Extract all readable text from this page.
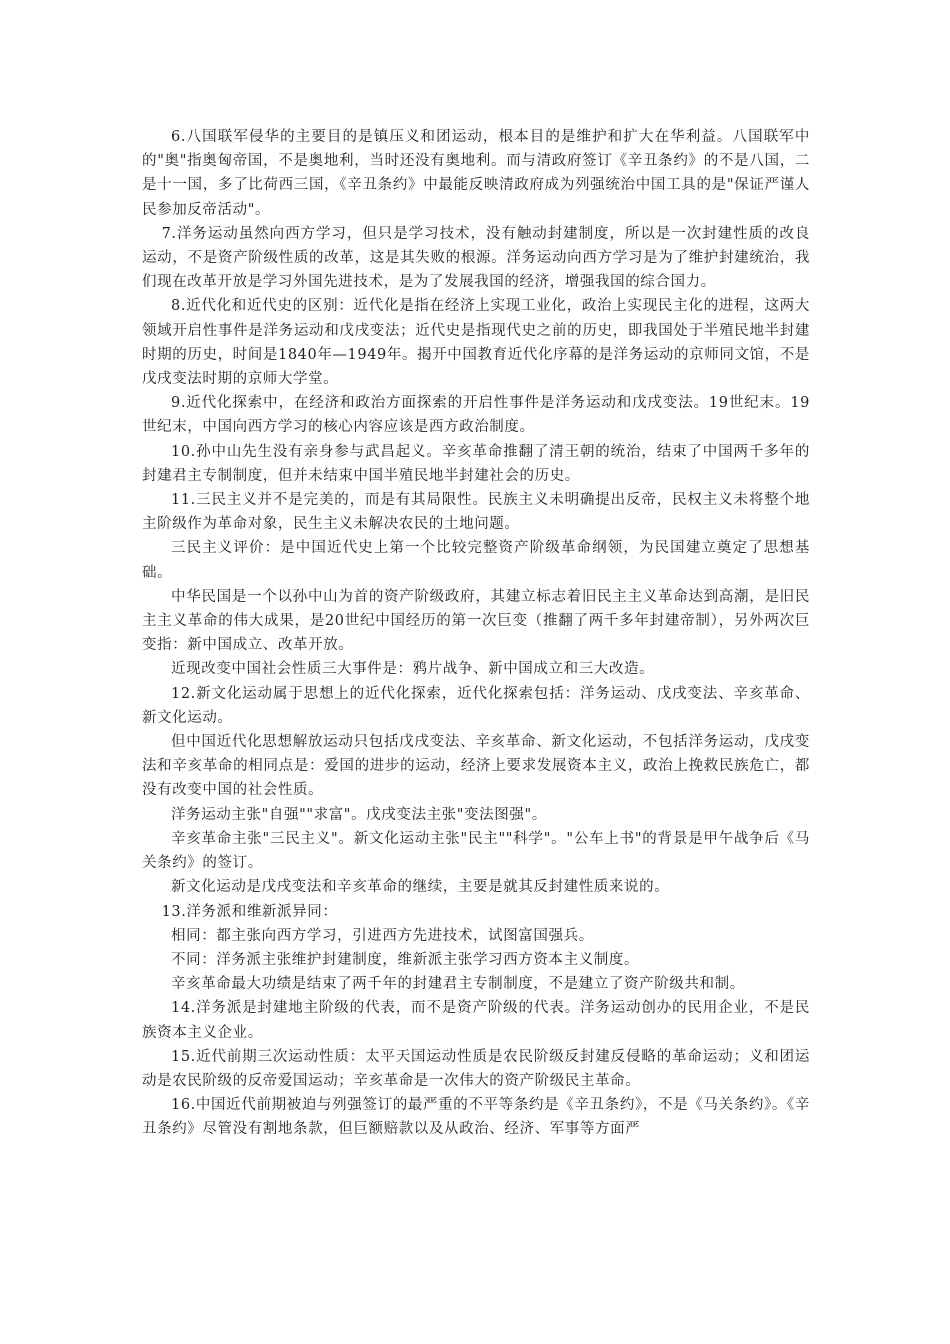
6.八国联军侵华的主要目的是镇压义和团运动，根本目的是维护和扩大在华利益。八国联军中的"奥"指奥匈帝国，不是奥地利，当时还没有奥地利。而与清政府签订《辛丑条约》的不是八国，二是十一国，多了比荷西三国，《辛丑条约》中最能反映清政府成为列强统治中国工具的是"保证严谨人民参加反帝活动"。

7.洋务运动虽然向西方学习，但只是学习技术，没有触动封建制度，所以是一次封建性质的改良运动，不是资产阶级性质的改革，这是其失败的根源。洋务运动向西方学习是为了维护封建统治，我们现在改革开放是学习外国先进技术，是为了发展我国的经济，增强我国的综合国力。

8.近代化和近代史的区别：近代化是指在经济上实现工业化，政治上实现民主化的进程，这两大领域开启性事件是洋务运动和戊戌变法；近代史是指现代史之前的历史，即我国处于半殖民地半封建时期的历史，时间是1840年—1949年。揭开中国教育近代化序幕的是洋务运动的京师同文馆，不是戊戌变法时期的京师大学堂。

9.近代化探索中，在经济和政治方面探索的开启性事件是洋务运动和戊戌变法。19世纪末。19世纪末，中国向西方学习的核心内容应该是西方政治制度。

10.孙中山先生没有亲身参与武昌起义。辛亥革命推翻了清王朝的统治，结束了中国两千多年的封建君主专制制度，但并未结束中国半殖民地半封建社会的历史。

11.三民主义并不是完美的，而是有其局限性。民族主义未明确提出反帝，民权主义未将整个地主阶级作为革命对象，民生主义未解决农民的土地问题。

三民主义评价：是中国近代史上第一个比较完整资产阶级革命纲领，为民国建立奠定了思想基础。

中华民国是一个以孙中山为首的资产阶级政府，其建立标志着旧民主主义革命达到高潮，是旧民主主义革命的伟大成果，是20世纪中国经历的第一次巨变（推翻了两千多年封建帝制），另外两次巨变指：新中国成立、改革开放。

近现改变中国社会性质三大事件是：鸦片战争、新中国成立和三大改造。

12.新文化运动属于思想上的近代化探索，近代化探索包括：洋务运动、戊戌变法、辛亥革命、新文化运动。

但中国近代化思想解放运动只包括戊戌变法、辛亥革命、新文化运动，不包括洋务运动，戊戌变法和辛亥革命的相同点是：爱国的进步的运动，经济上要求发展资本主义，政治上挽救民族危亡，都没有改变中国的社会性质。

洋务运动主张"自强""求富"。戊戌变法主张"变法图强"。

辛亥革命主张"三民主义"。新文化运动主张"民主""科学"。"公车上书"的背景是甲午战争后《马关条约》的签订。

新文化运动是戊戌变法和辛亥革命的继续，主要是就其反封建性质来说的。

13.洋务派和维新派异同：

相同：都主张向西方学习，引进西方先进技术，试图富国强兵。

不同：洋务派主张维护封建制度，维新派主张学习西方资本主义制度。

辛亥革命最大功绩是结束了两千年的封建君主专制制度，不是建立了资产阶级共和制。

14.洋务派是封建地主阶级的代表，而不是资产阶级的代表。洋务运动创办的民用企业，不是民族资本主义企业。

15.近代前期三次运动性质：太平天国运动性质是农民阶级反封建反侵略的革命运动；义和团运动是农民阶级的反帝爱国运动；辛亥革命是一次伟大的资产阶级民主革命。

16.中国近代前期被迫与列强签订的最严重的不平等条约是《辛丑条约》，不是《马关条约》。《辛丑条约》尽管没有割地条款，但巨额赔款以及从政治、经济、军事等方面严
